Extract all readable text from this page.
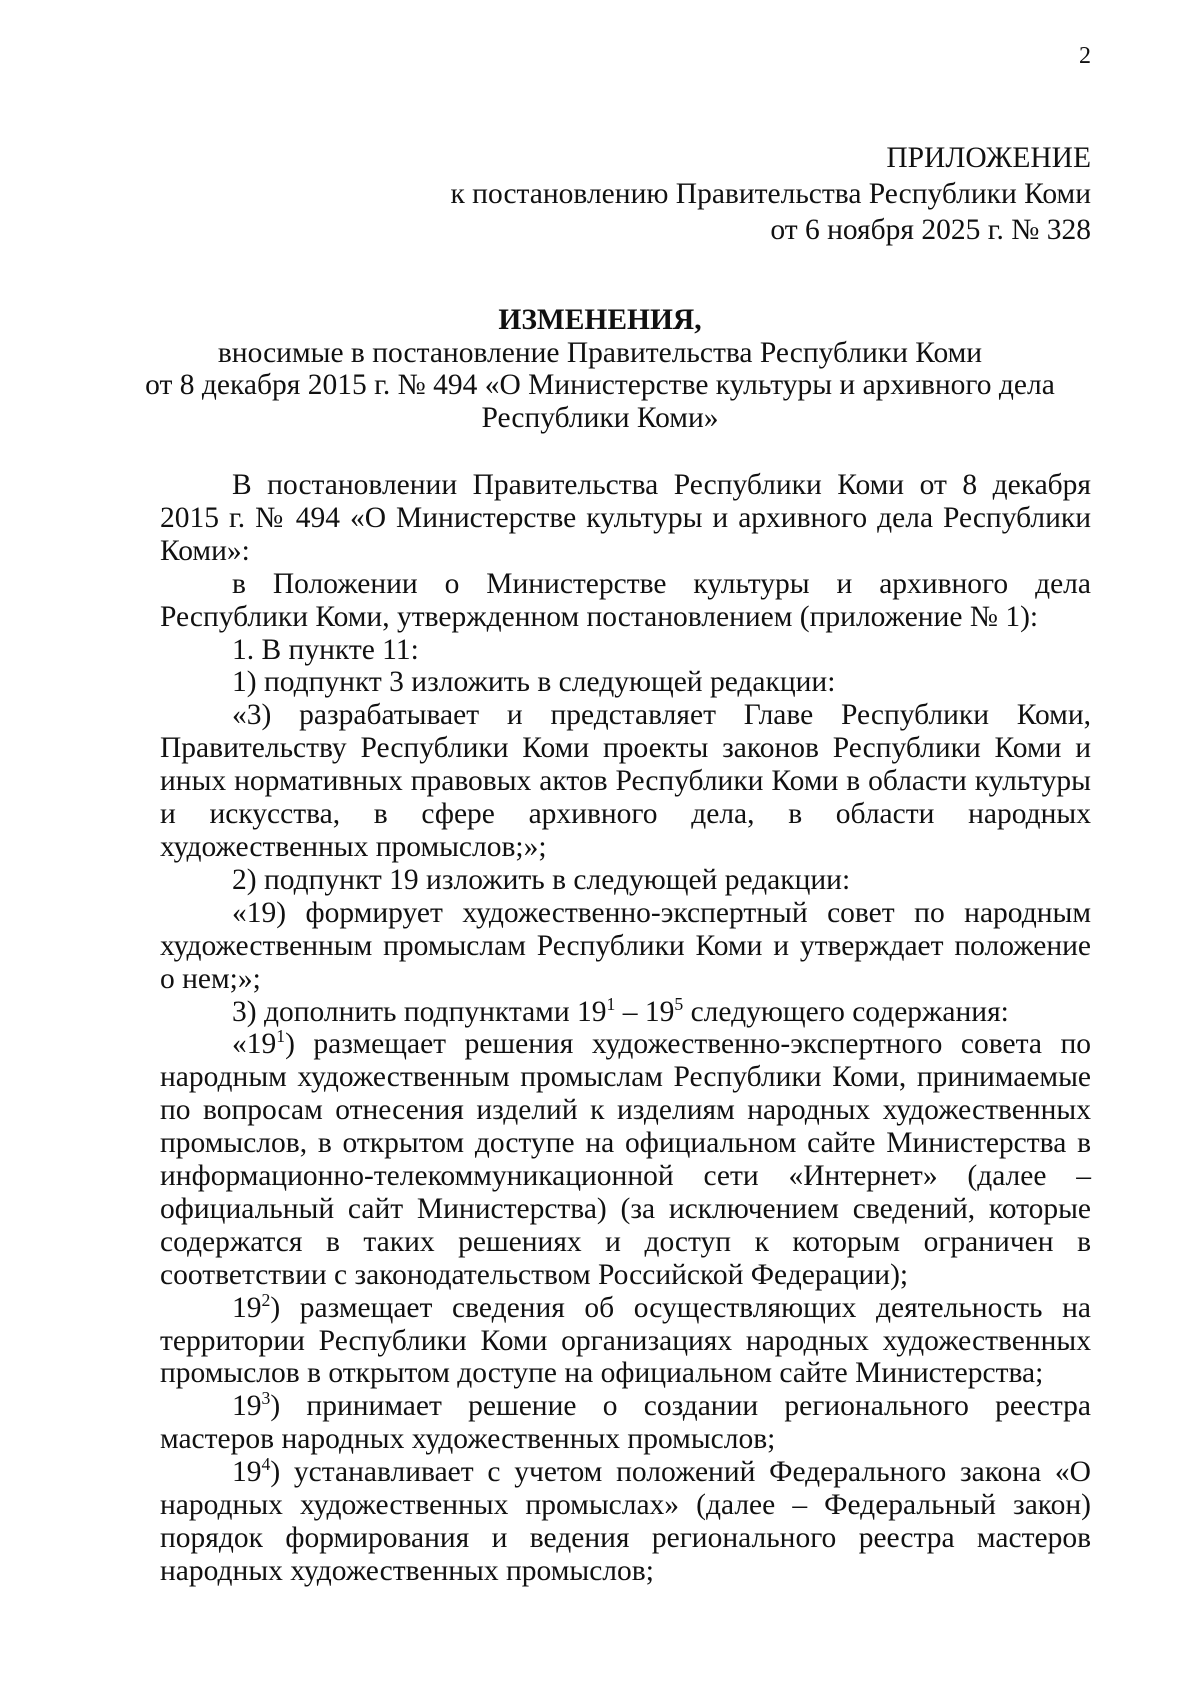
2
ПРИЛОЖЕНИЕ
к постановлению Правительства Республики Коми
от 6 ноября 2025 г. № 328
ИЗМЕНЕНИЯ,
вносимые в постановление Правительства Республики Коми
от 8 декабря 2015 г. № 494 «О Министерстве культуры и архивного дела
Республики Коми»

В постановлении Правительства Республики Коми от 8 декабря 2015 г. № 494 «О Министерстве культуры и архивного дела Республики Коми»:

в Положении о Министерстве культуры и архивного дела Республики Коми, утвержденном постановлением (приложение № 1):

1. В пункте 11:

1) подпункт 3 изложить в следующей редакции:

«3) разрабатывает и представляет Главе Республики Коми, Правительству Республики Коми проекты законов Республики Коми и иных нормативных правовых актов Республики Коми в области культуры и искусства, в сфере архивного дела, в области народных художественных промыслов;»;

2) подпункт 19 изложить в следующей редакции:

«19) формирует художественно-экспертный совет по народным художественным промыслам Республики Коми и утверждает положение о нем;»;

3) дополнить подпунктами $19^1 - 19^5$ следующего содержания:

«$19^1$) размещает решения художественно-экспертного совета по народным художественным промыслам Республики Коми, принимаемые по вопросам отнесения изделий к изделиям народных художественных промыслов, в открытом доступе на официальном сайте Министерства в информационно-телекоммуникационной сети «Интернет» (далее – официальный сайт Министерства) (за исключением сведений, которые содержатся в таких решениях и доступ к которым ограничен в соответствии с законодательством Российской Федерации);

$19^2$) размещает сведения об осуществляющих деятельность на территории Республики Коми организациях народных художественных промыслов в открытом доступе на официальном сайте Министерства;

$19^3$) принимает решение о создании регионального реестра мастеров народных художественных промыслов;

$19^4$) устанавливает с учетом положений Федерального закона «О народных художественных промыслах» (далее – Федеральный закон) порядок формирования и ведения регионального реестра мастеров народных художественных промыслов;
